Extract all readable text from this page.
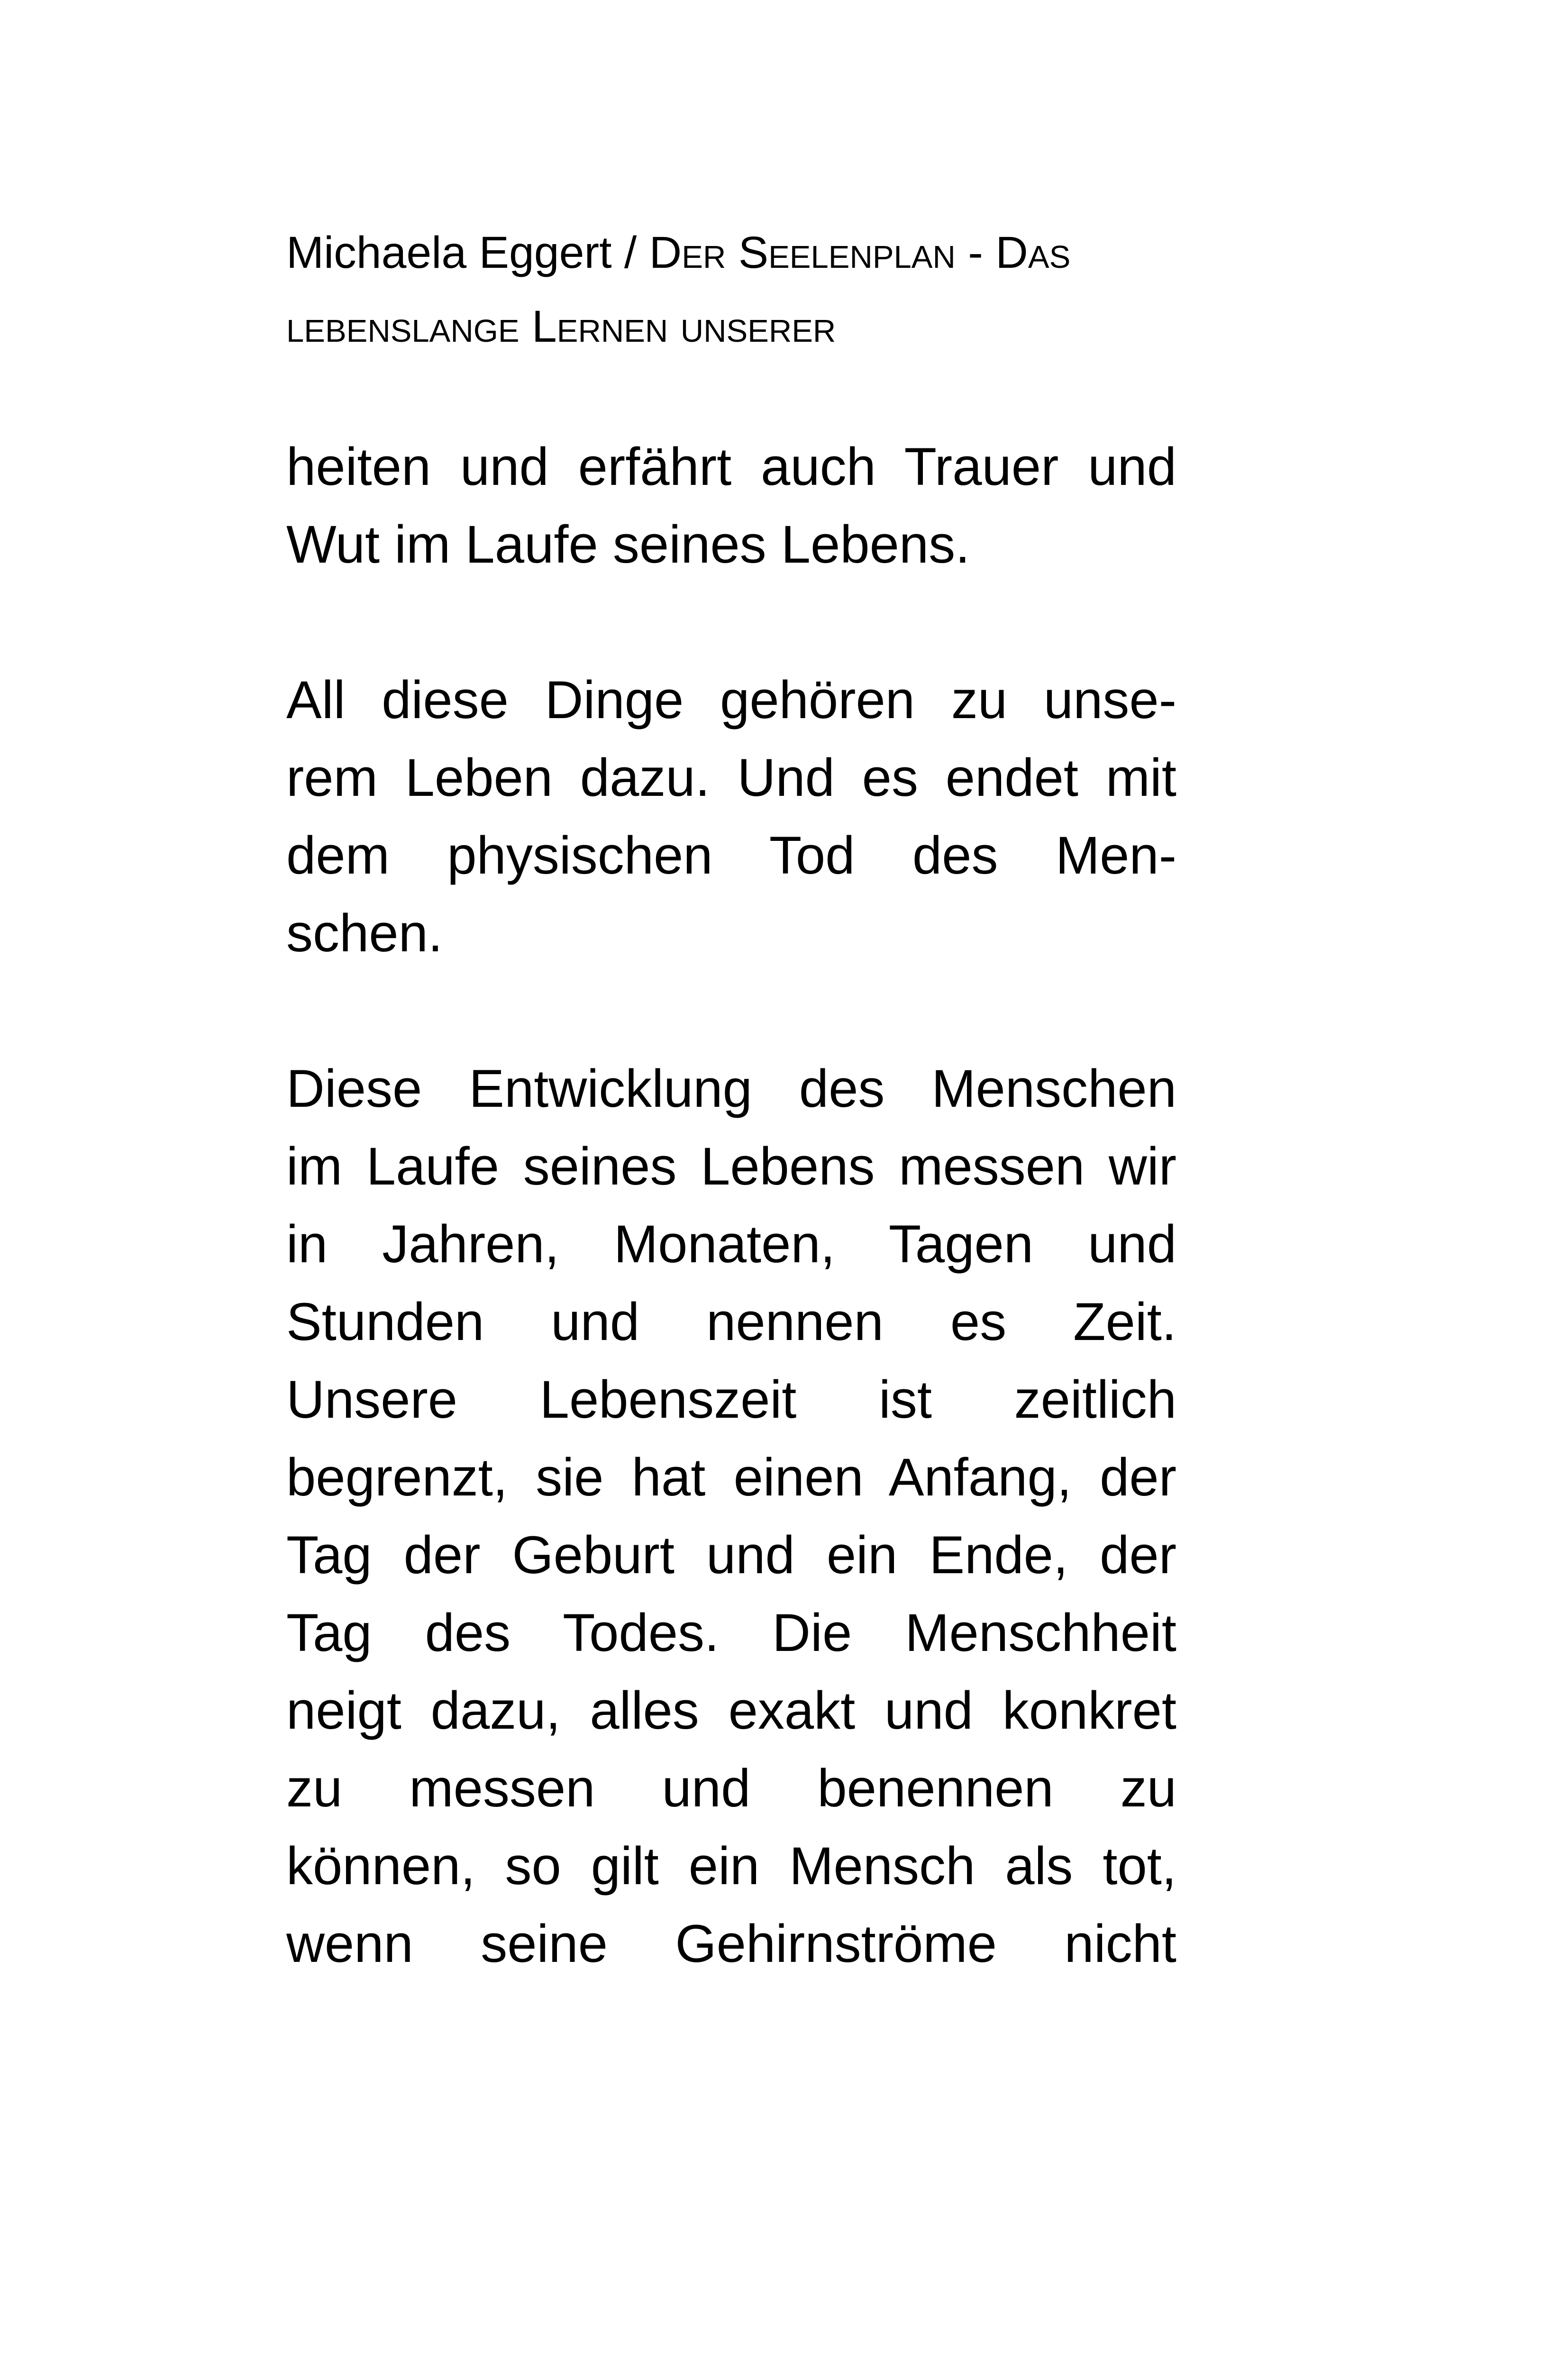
Michaela Eggert / Der Seelenplan - Das lebenslange Lernen unserer
heiten und erfährt auch Trauer und
Wut im Laufe seines Lebens.
All diese Dinge gehören zu unse-
rem Leben dazu. Und es endet mit
dem physischen Tod des Men-
schen.
Diese Entwicklung des Menschen
im Laufe seines Lebens messen wir
in Jahren, Monaten, Tagen und
Stunden und nennen es Zeit.
Unsere Lebenszeit ist zeitlich
begrenzt, sie hat einen Anfang, der
Tag der Geburt und ein Ende, der
Tag des Todes. Die Menschheit
neigt dazu, alles exakt und konkret
zu messen und benennen zu
können, so gilt ein Mensch als tot,
wenn seine Gehirnströme nicht
